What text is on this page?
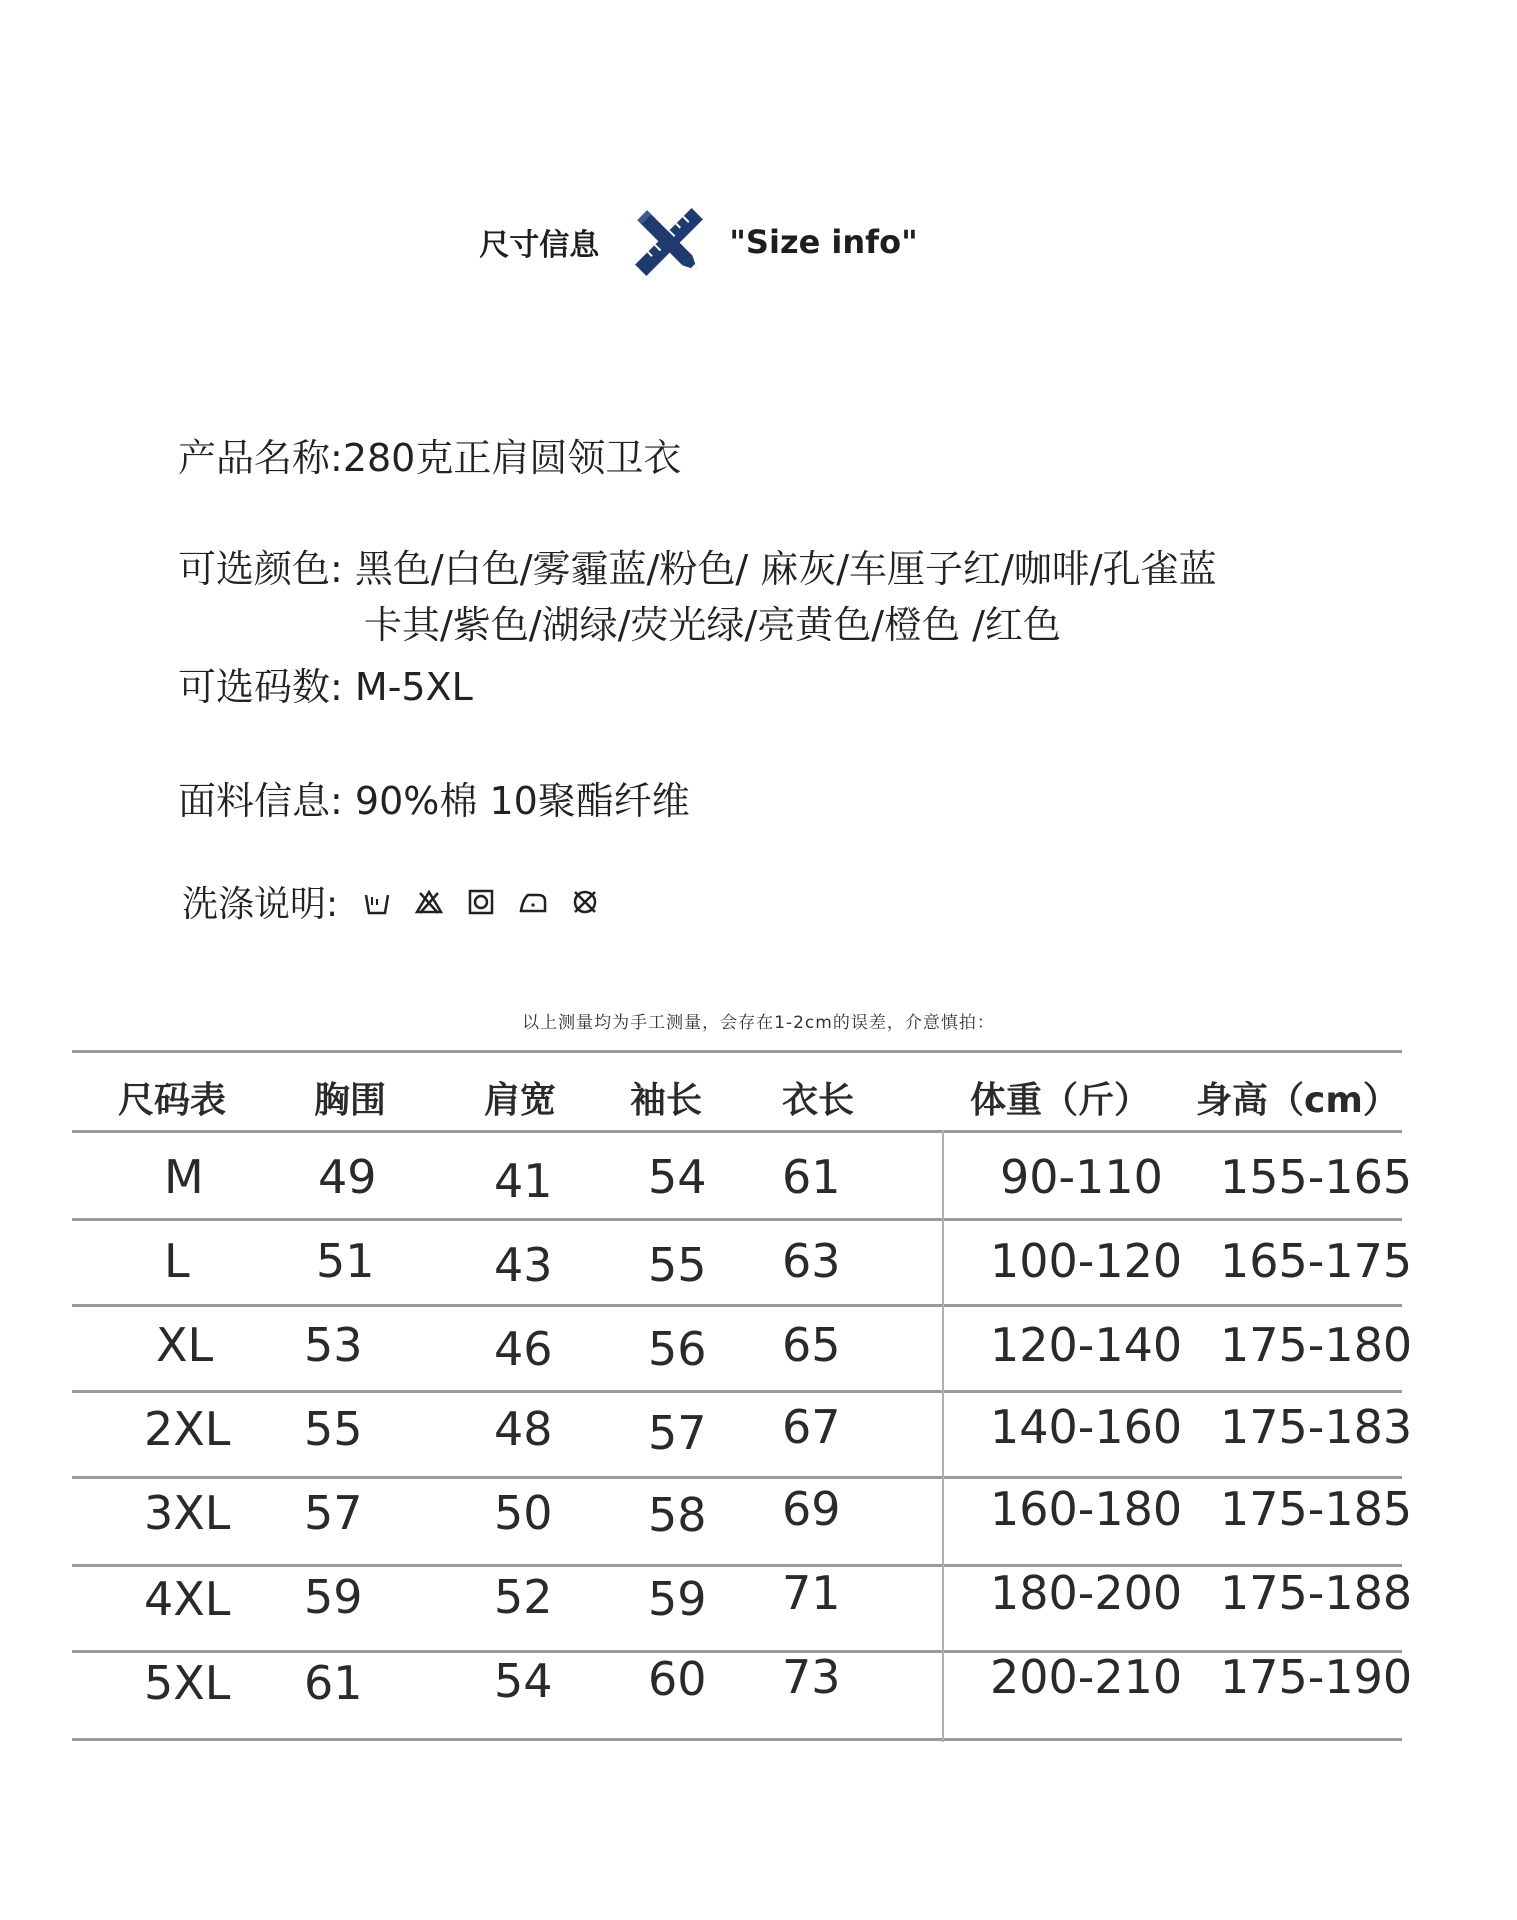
尺寸信息	"Size info"
产品名称:280克正肩圆领卫衣
可选颜色: 黑色/白色/雾霾蓝/粉色/ 麻灰/车厘子红/咖啡/孔雀蓝
卡其/紫色/湖绿/荧光绿/亮黄色/橙色 /红色
可选码数: M-5XL
面料信息: 90%棉 10聚酯纤维
洗涤说明:
以上测量均为手工测量，会存在1-2cm的误差，介意慎拍：
尺码表 胸围	肩宽 袖长 衣长	体重（斤） 身高（cm）
M 49	41 54 61	90-110 155-165
L	51	43 55 63	100-120 165-175
XL 53	46 56 65	120-140 175-180
2XL 55	48 57 67	140-160 175-183
3XL 57	50 58 69	160-180 175-185
4XL 59	52 59 71	180-200 175-188
5XL 61	54 60 73	200-210 175-190
